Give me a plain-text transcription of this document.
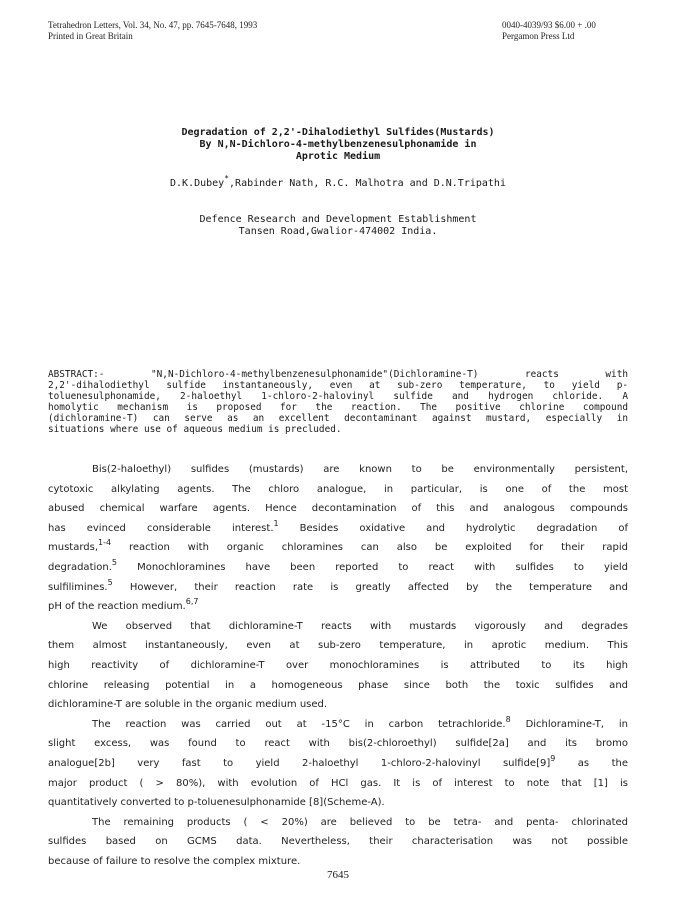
Tetrahedron Letters, Vol. 34, No. 47, pp. 7645-7648, 1993
Printed in Great Britain
0040-4039/93 $6.00 + .00
Pergamon Press Ltd
Degradation of 2,2'-Dihalodiethyl Sulfides(Mustards)
By N,N-Dichloro-4-methylbenzenesulphonamide in
Aprotic Medium
D.K.Dubey*,Rabinder Nath, R.C. Malhotra and D.N.Tripathi
Defence Research and Development Establishment
Tansen Road,Gwalior-474002 India.
ABSTRACT:- "N,N-Dichloro-4-methylbenzenesulphonamide"(Dichloramine-T) reacts with
2,2'-dihalodiethyl sulfide instantaneously, even at sub-zero temperature, to yield p-
toluenesulphonamide, 2-haloethyl 1-chloro-2-halovinyl sulfide and hydrogen chloride. A
homolytic mechanism is proposed for the reaction. The positive chlorine compound
(dichloramine-T) can serve as an excellent decontaminant against mustard, especially in
situations where use of aqueous medium is precluded.
Bis(2-haloethyl) sulfides (mustards) are known to be environmentally persistent,
cytotoxic alkylating agents. The chloro analogue, in particular, is one of the most
abused chemical warfare agents. Hence decontamination of this and analogous compounds
has evinced considerable interest.$^1$ Besides oxidative and hydrolytic degradation of
mustards,$^{1-4}$ reaction with organic chloramines can also be exploited for their rapid
degradation.$^5$ Monochloramines have been reported to react with sulfides to yield
sulfilimines.$^5$ However, their reaction rate is greatly affected by the temperature and
pH of the reaction medium.$^{6,7}$
We observed that dichloramine-T reacts with mustards vigorously and degrades
them almost instantaneously, even at sub-zero temperature, in aprotic medium. This
high reactivity of dichloramine-T over monochloramines is attributed to its high
chlorine releasing potential in a homogeneous phase since both the toxic sulfides and
dichloramine-T are soluble in the organic medium used.
The reaction was carried out at -15°C in carbon tetrachloride.$^8$ Dichloramine-T, in
slight excess, was found to react with bis(2-chloroethyl) sulfide[2a] and its bromo
analogue[2b] very fast to yield 2-haloethyl 1-chloro-2-halovinyl $sulfide[9]^9$ as the
major product ( > 80%), with evolution of HCl gas. It is of interest to note that [1] is
quantitatively converted to p-toluenesulphonamide [8](Scheme-A).
The remaining products ( < 20%) are believed to be tetra- and penta- chlorinated
sulfides based on GCMS data. Nevertheless, their characterisation was not possible
because of failure to resolve the complex mixture.
7645
